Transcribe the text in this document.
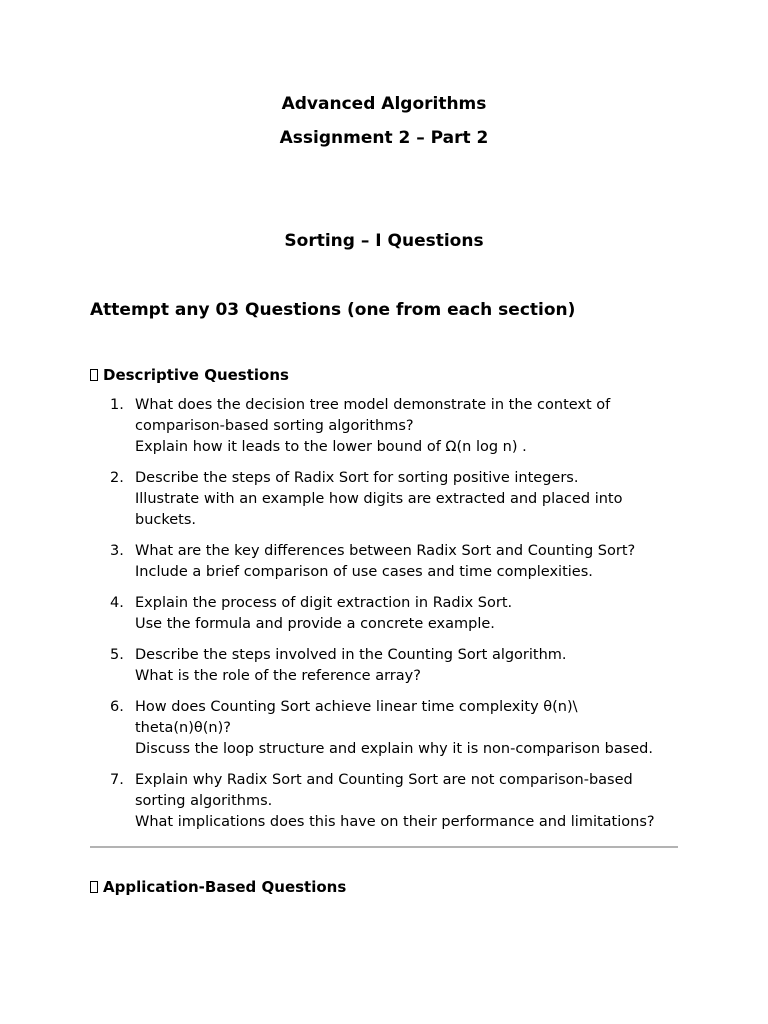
Advanced Algorithms
Assignment 2 – Part 2
Sorting – I Questions

Attempt any 03 Questions (one from each section)

Descriptive Questions
1. What does the decision tree model demonstrate in the context of
comparison-based sorting algorithms?
Explain how it leads to the lower bound of Ω(n log n) .
2. Describe the steps of Radix Sort for sorting positive integers.
Illustrate with an example how digits are extracted and placed into
buckets.
3. What are the key differences between Radix Sort and Counting Sort?
Include a brief comparison of use cases and time complexities.
4. Explain the process of digit extraction in Radix Sort.
Use the formula and provide a concrete example.
5. Describe the steps involved in the Counting Sort algorithm.
What is the role of the reference array?
6. How does Counting Sort achieve linear time complexity θ(n)\
theta(n)θ(n)?
Discuss the loop structure and explain why it is non-comparison based.
7. Explain why Radix Sort and Counting Sort are not comparison-based
sorting algorithms.
What implications does this have on their performance and limitations?
Application-Based Questions
